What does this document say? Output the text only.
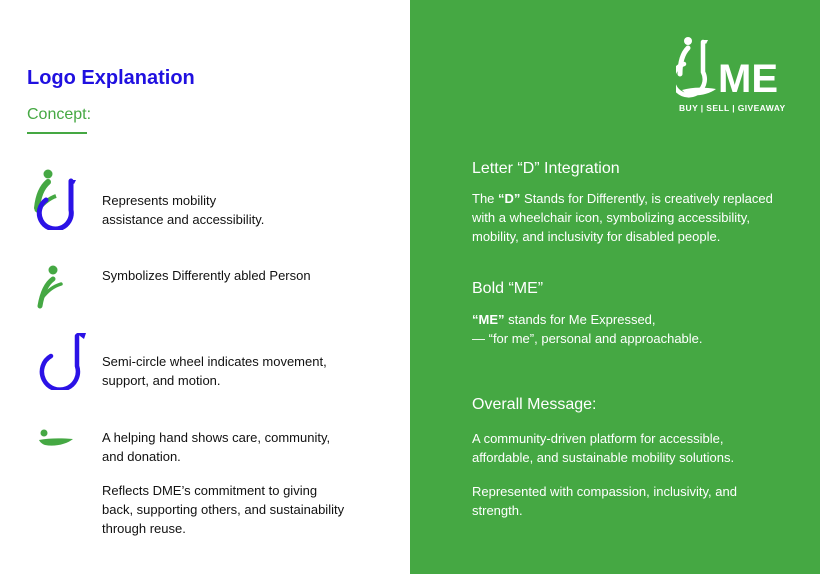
Logo Explanation
Concept:
Represents mobility
assistance and accessibility.
Symbolizes Differently abled Person
Semi-circle wheel indicates movement,
support, and motion.
A helping hand shows care, community,
and donation.
Reflects DME’s commitment to giving
back, supporting others, and sustainability
through reuse.
ME
BUY | SELL | GIVEAWAY
Letter “D” Integration

The “D” Stands for Differently, is creatively replaced with a wheelchair icon, symbolizing accessibility, mobility, and inclusivity for disabled people.

Bold “ME”

“ME” stands for Me Expressed,
— “for me”, personal and approachable.

Overall Message:

A community-driven platform for accessible, affordable, and sustainable mobility solutions.

Represented with compassion, inclusivity, and strength.
